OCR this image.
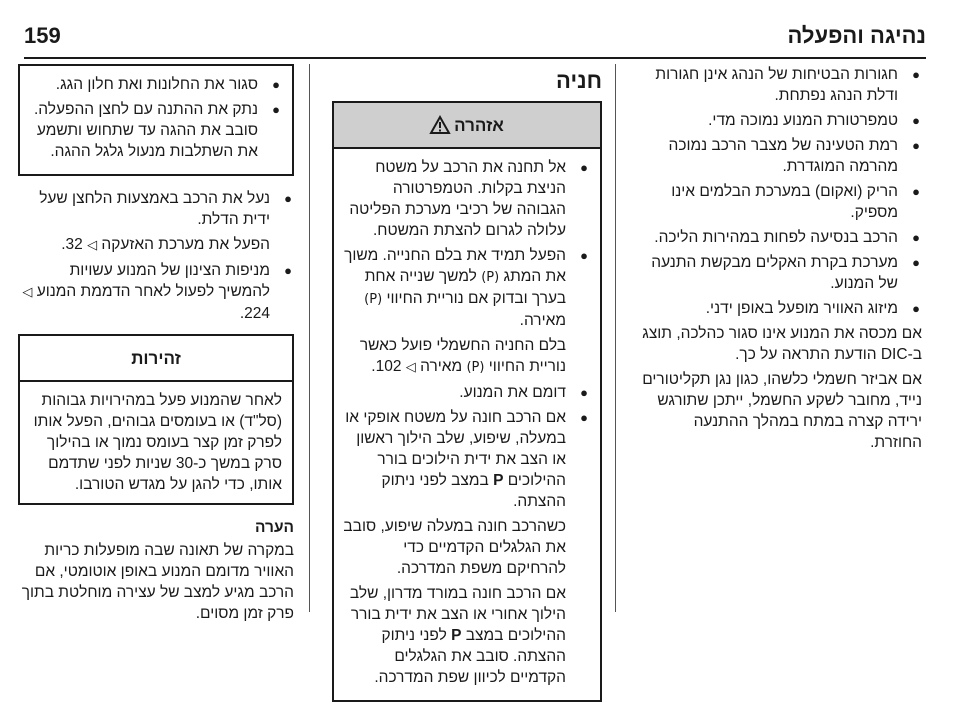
נהיגה והפעלה
159
● חגורות הבטיחות של הנהג אינן חגורות ודלת הנהג נפתחת.
● טמפרטורת המנוע נמוכה מדי.
● רמת הטעינה של מצבר הרכב נמוכה מהרמה המוגדרת.
● הריק (ואקום) במערכת הבלמים אינו מספיק.
● הרכב בנסיעה לפחות במהירות הליכה.
● מערכת בקרת האקלים מבקשת התנעה של המנוע.
● מיזוג האוויר מופעל באופן ידני.

אם מכסה את המנוע אינו סגור כהלכה, תוצג ב-DIC הודעת התראה על כך.

אם אביזר חשמלי כלשהו, כגון נגן תקליטורים נייד, מחובר לשקע החשמל, ייתכן שתורגש ירידה קצרה במתח במהלך ההתנעה החוזרת.

חניה
אזהרה
● אל תחנה את הרכב על משטח הניצת בקלות. הטמפרטורה הגבוהה של רכיבי מערכת הפליטה עלולה לגרום להצתת המשטח.
● הפעל תמיד את בלם החנייה. משוך את המתג (P) למשך שנייה אחת בערך ובדוק אם נוריית החיווי (P) מאירה.

בלם החניה החשמלי פועל כאשר נוריית החיווי (P) מאירה ◁ 102.

● דומם את המנוע.
● אם הרכב חונה על משטח אופקי או במעלה, שיפוע, שלב הילוך ראשון או הצב את ידית הילוכים בורר ההילוכים P במצב לפני ניתוק ההצתה.

כשהרכב חונה במעלה שיפוע, סובב את הגלגלים הקדמיים כדי להרחיקם משפת המדרכה.

אם הרכב חונה במורד מדרון, שלב הילוך אחורי או הצב את ידית בורר ההילוכים במצב P לפני ניתוק ההצתה. סובב את הגלגלים הקדמיים לכיוון שפת המדרכה.

● סגור את החלונות ואת חלון הגג.
● נתק את ההתנה עם לחצן ההפעלה. סובב את ההגה עד שתחוש ותשמע את השתלבות מנעול גלגל ההגה.
● נעל את הרכב באמצעות הלחצן שעל ידית הדלת.

הפעל את מערכת האזעקה ◁ 32.

● מניפות הצינון של המנוע עשויות להמשיך לפעול לאחר הדממת המנוע ◁ 224.
זהירות

לאחר שהמנוע פעל במהירויות גבוהות (סל"ד) או בעומסים גבוהים, הפעל אותו לפרק זמן קצר בעומס נמוך או בהילוך סרק במשך כ-30 שניות לפני שתדמם אותו, כדי להגן על מגדש הטורבו.

הערה

במקרה של תאונה שבה מופעלות כריות האוויר מדומם המנוע באופן אוטומטי, אם הרכב מגיע למצב של עצירה מוחלטת בתוך פרק זמן מסוים.
